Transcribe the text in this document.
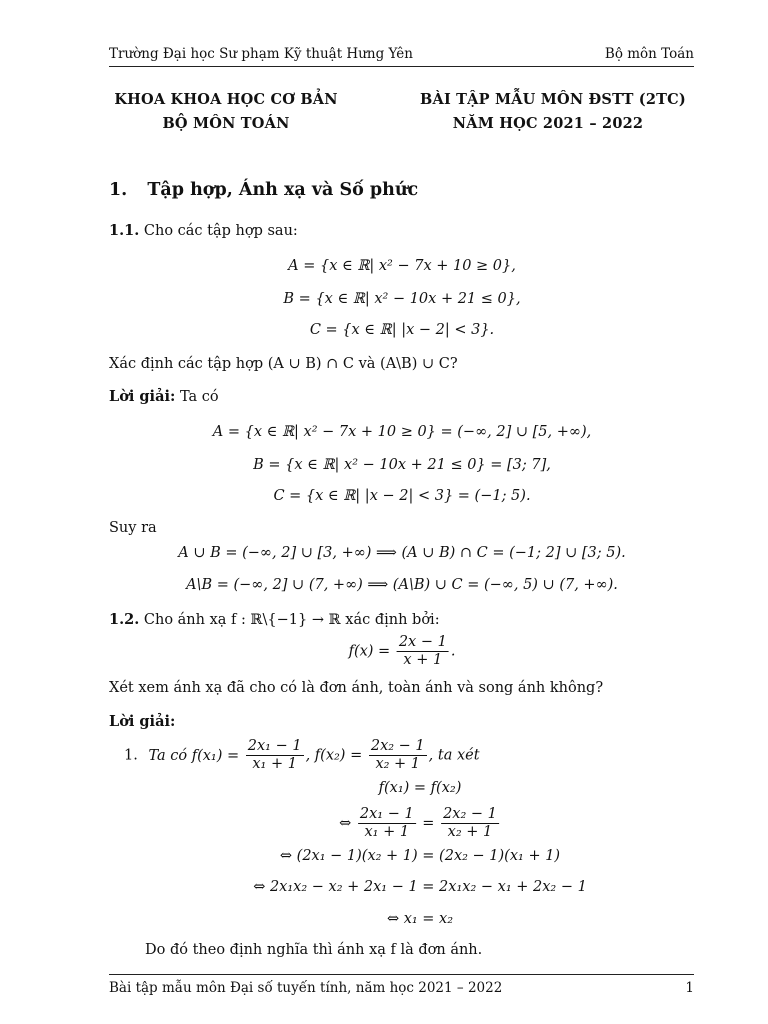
Trường Đại học Sư phạm Kỹ thuật Hưng Yên	Bộ môn Toán
KHOA KHOA HỌC CƠ BẢN
BỘ MÔN TOÁN
BÀI TẬP MẪU MÔN ĐSTT (2TC)
NĂM HỌC 2021 – 2022
1. Tập hợp, Ánh xạ và Số phức
1.1. Cho các tập hợp sau:
A = {x ∈ ℝ| x² − 7x + 10 ≥ 0},
B = {x ∈ ℝ| x² − 10x + 21 ≤ 0},
C = {x ∈ ℝ| |x − 2| < 3}.
Xác định các tập hợp (A ∪ B) ∩ C và (A\B) ∪ C?
Lời giải: Ta có
A = {x ∈ ℝ| x² − 7x + 10 ≥ 0} = (−∞, 2] ∪ [5, +∞),
B = {x ∈ ℝ| x² − 10x + 21 ≤ 0} = [3; 7],
C = {x ∈ ℝ| |x − 2| < 3} = (−1; 5).
Suy ra
A ∪ B = (−∞, 2] ∪ [3, +∞) ⟹ (A ∪ B) ∩ C = (−1; 2] ∪ [3; 5).
A\B = (−∞, 2] ∪ (7, +∞) ⟹ (A\B) ∪ C = (−∞, 5) ∪ (7, +∞).
1.2. Cho ánh xạ f : ℝ\{−1} → ℝ xác định bởi:
$f(x) = \frac{2x - 1}{x + 1}$ .
Xét xem ánh xạ đã cho có là đơn ánh, toàn ánh và song ánh không?
Lời giải:
1. Ta có $f(x_1) = \frac{\text{2x₁ − 1}}{\text{x₁ + 1}}$ , $f(x_2) = \frac{\text{2x₂ − 1}}{\text{x₂ + 1}}$ , ta xét
f(x₁) = f(x₂)
⇔ $\frac{\text{2x₁ − 1}}{\text{x₁ + 1}} = \frac{\text{2x₂ − 1}}{\text{x₂ + 1}}$
⇔ (2x₁ − 1)(x₂ + 1) = (2x₂ − 1)(x₁ + 1)
⇔ 2x₁x₂ − x₂ + 2x₁ − 1 = 2x₁x₂ − x₁ + 2x₂ − 1
⇔ x₁ = x₂
Do đó theo định nghĩa thì ánh xạ f là đơn ánh.
Bài tập mẫu môn Đại số tuyến tính, năm học 2021 – 2022	1
